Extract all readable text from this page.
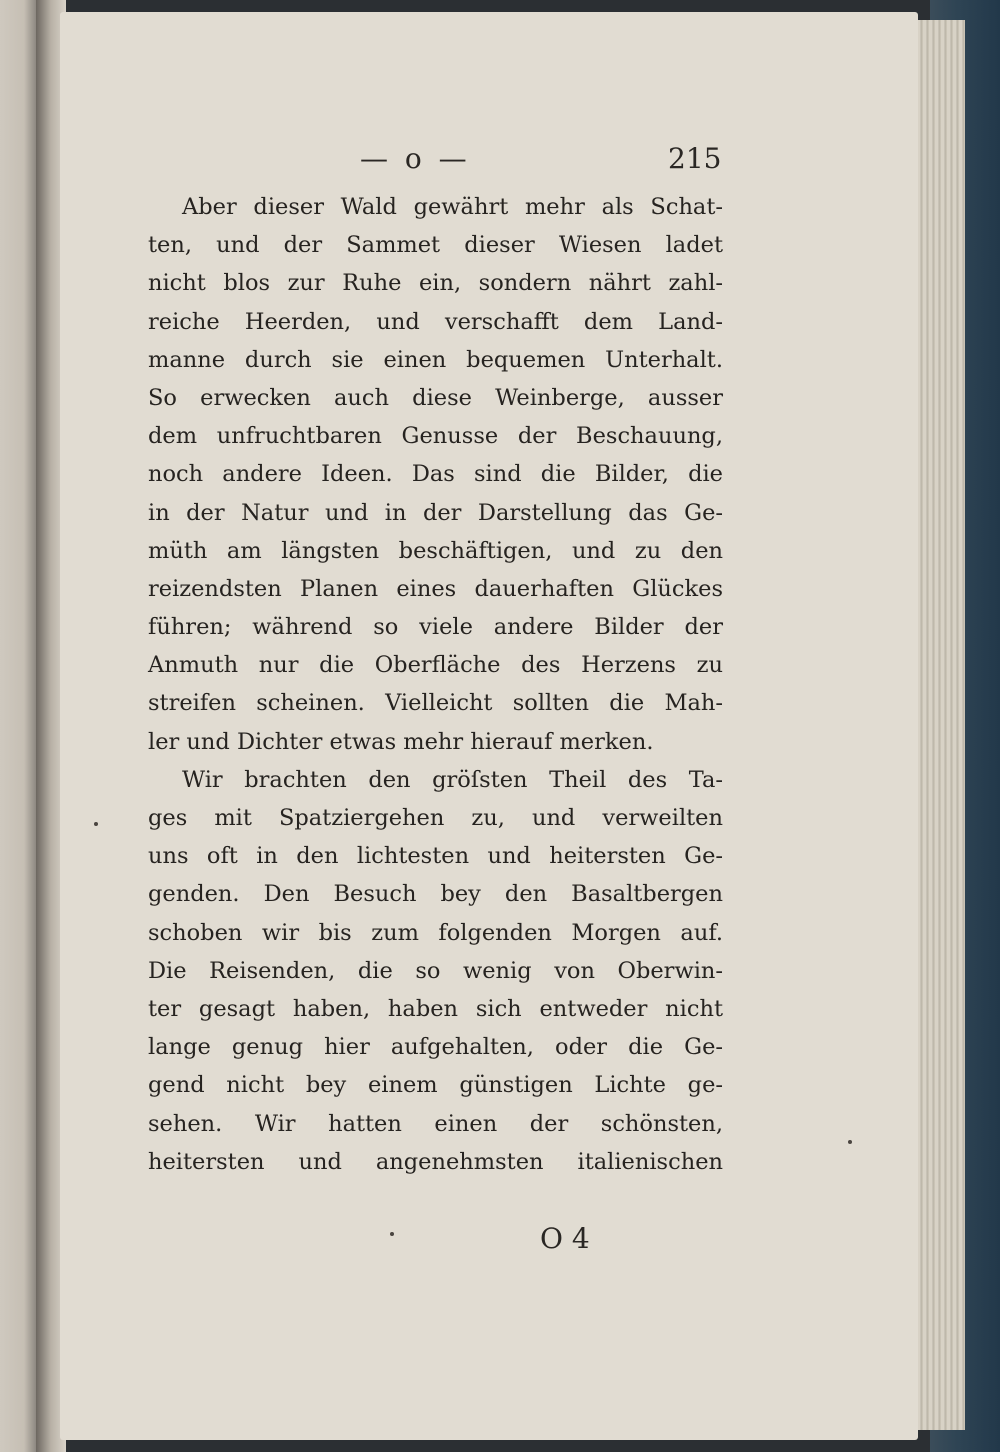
— o —	215
Aber dieser Wald gewährt mehr als Schat-
ten, und der Sammet dieser Wiesen ladet
nicht blos zur Ruhe ein, sondern nährt zahl-
reiche Heerden, und verschafft dem Land-
manne durch sie einen bequemen Unterhalt.
So erwecken auch diese Weinberge, ausser
dem unfruchtbaren Genusse der Beschauung,
noch andere Ideen. Das sind die Bilder, die
in der Natur und in der Darstellung das Ge-
müth am längsten beschäftigen, und zu den
reizendsten Planen eines dauerhaften Glückes
führen; während so viele andere Bilder der
Anmuth nur die Oberfläche des Herzens zu
streifen scheinen. Vielleicht sollten die Mah-
ler und Dichter etwas mehr hierauf merken.
Wir brachten den gröſsten Theil des Ta-
ges mit Spatziergehen zu, und verweilten
uns oft in den lichtesten und heitersten Ge-
genden. Den Besuch bey den Basaltbergen
schoben wir bis zum folgenden Morgen auf.
Die Reisenden, die so wenig von Oberwin-
ter gesagt haben, haben sich entweder nicht
lange genug hier aufgehalten, oder die Ge-
gend nicht bey einem günstigen Lichte ge-
sehen. Wir hatten einen der schönsten,
heitersten und angenehmsten italienischen
O 4
